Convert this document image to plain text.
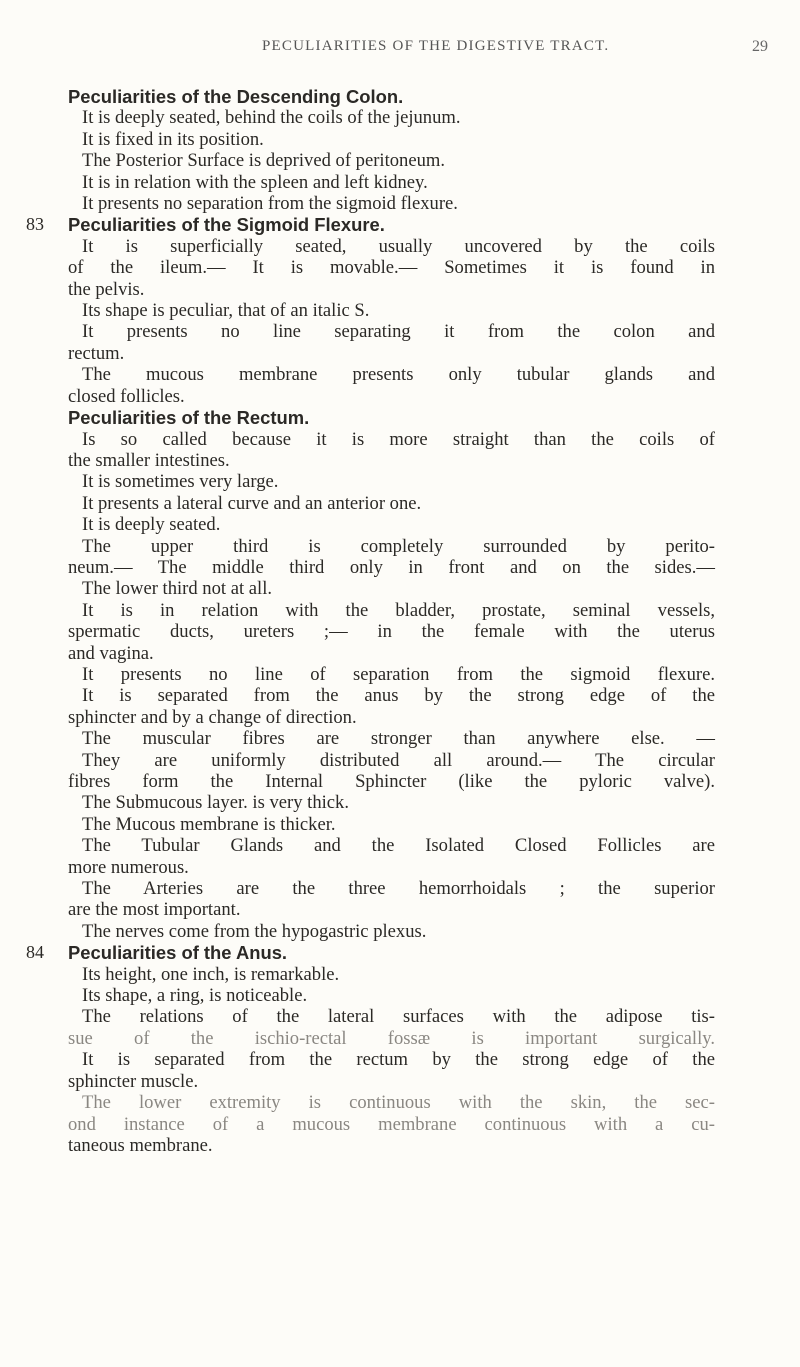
PECULIARITIES OF THE DIGESTIVE TRACT.	29
Peculiarities of the Descending Colon.
It is deeply seated, behind the coils of the jejunum.
It is fixed in its position.
The Posterior Surface is deprived of peritoneum.
It is in relation with the spleen and left kidney.
It presents no separation from the sigmoid flexure.
83 Peculiarities of the Sigmoid Flexure.
It is superficially seated, usually uncovered by the coils
of the ileum.— It is movable.— Sometimes it is found in
the pelvis.
Its shape is peculiar, that of an italic S.
It presents no line separating it from the colon and
rectum.
The mucous membrane presents only tubular glands and
closed follicles.
Peculiarities of the Rectum.
Is so called because it is more straight than the coils of
the smaller intestines.
It is sometimes very large.
It presents a lateral curve and an anterior one.
It is deeply seated.
The upper third is completely surrounded by perito-
neum.— The middle third only in front and on the sides.—
The lower third not at all.
It is in relation with the bladder, prostate, seminal vessels,
spermatic ducts, ureters ;— in the female with the uterus
and vagina.
It presents no line of separation from the sigmoid flexure.
It is separated from the anus by the strong edge of the
sphincter and by a change of direction.
The muscular fibres are stronger than anywhere else. —
They are uniformly distributed all around.— The circular
fibres form the Internal Sphincter (like the pyloric valve).
The Submucous layer. is very thick.
The Mucous membrane is thicker.
The Tubular Glands and the Isolated Closed Follicles are
more numerous.
The Arteries are the three hemorrhoidals ; the superior
are the most important.
The nerves come from the hypogastric plexus.
84 Peculiarities of the Anus.
Its height, one inch, is remarkable.
Its shape, a ring, is noticeable.
The relations of the lateral surfaces with the adipose tis-
sue of the ischio-rectal fossæ is important surgically.
It is separated from the rectum by the strong edge of the
sphincter muscle.
The lower extremity is continuous with the skin, the sec-
ond instance of a mucous membrane continuous with a cu-
taneous membrane.
